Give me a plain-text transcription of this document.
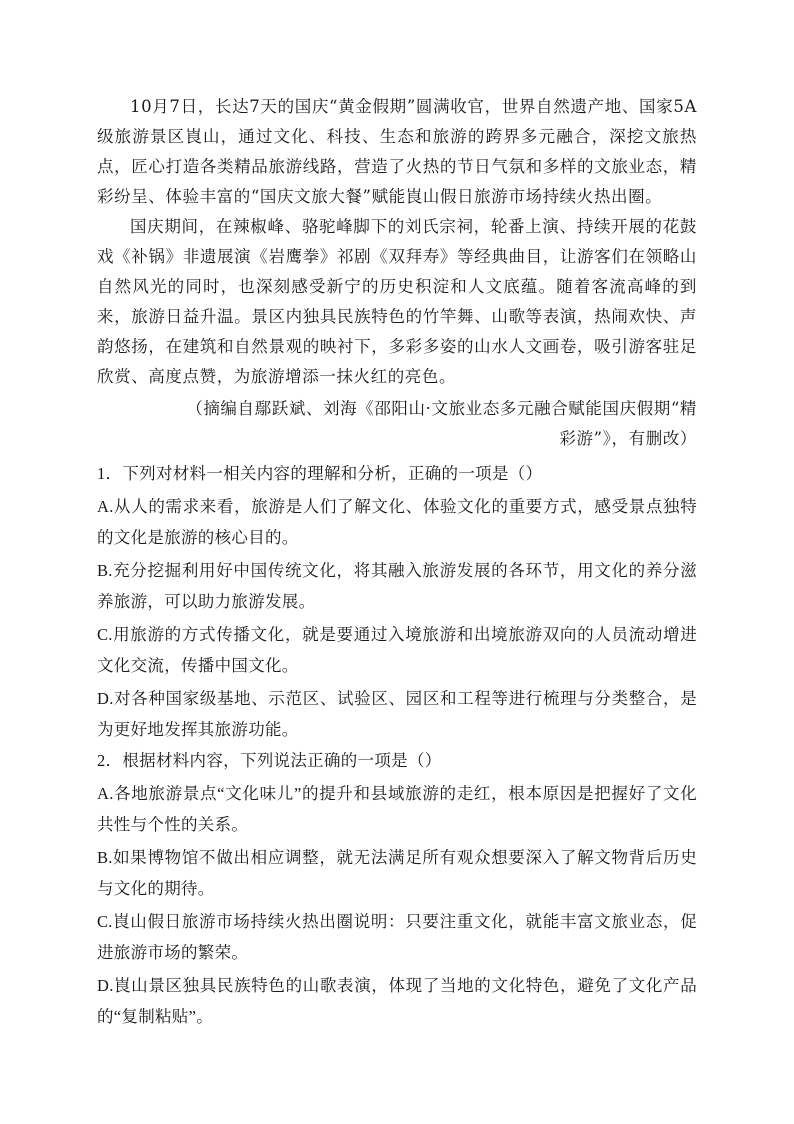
10月7日，长达7天的国庆“黄金假期”圆满收官，世界自然遗产地、国家5A级旅游景区崀山，通过文化、科技、生态和旅游的跨界多元融合，深挖文旅热点，匠心打造各类精品旅游线路，营造了火热的节日气氛和多样的文旅业态，精彩纷呈、体验丰富的“国庆文旅大餐”赋能崀山假日旅游市场持续火热出圈。

国庆期间，在辣椒峰、骆驼峰脚下的刘氏宗祠，轮番上演、持续开展的花鼓戏《补锅》非遗展演《岩鹰拳》祁剧《双拜寿》等经典曲目，让游客们在领略山自然风光的同时，也深刻感受新宁的历史积淀和人文底蕴。随着客流高峰的到来，旅游日益升温。景区内独具民族特色的竹竿舞、山歌等表演，热闹欢快、声韵悠扬，在建筑和自然景观的映衬下，多彩多姿的山水人文画卷，吸引游客驻足欣赏、高度点赞，为旅游增添一抹火红的亮色。

（摘编自鄢跃斌、刘海《邵阳山·文旅业态多元融合赋能国庆假期“精彩游”》，有删改）

1．下列对材料一相关内容的理解和分析，正确的一项是（）

A.从人的需求来看，旅游是人们了解文化、体验文化的重要方式，感受景点独特的文化是旅游的核心目的。

B.充分挖掘利用好中国传统文化，将其融入旅游发展的各环节，用文化的养分滋养旅游，可以助力旅游发展。

C.用旅游的方式传播文化，就是要通过入境旅游和出境旅游双向的人员流动增进文化交流，传播中国文化。

D.对各种国家级基地、示范区、试验区、园区和工程等进行梳理与分类整合，是为更好地发挥其旅游功能。

2．根据材料内容，下列说法正确的一项是（）

A.各地旅游景点“文化味儿”的提升和县域旅游的走红，根本原因是把握好了文化共性与个性的关系。

B.如果博物馆不做出相应调整，就无法满足所有观众想要深入了解文物背后历史与文化的期待。

C.崀山假日旅游市场持续火热出圈说明：只要注重文化，就能丰富文旅业态，促进旅游市场的繁荣。

D.崀山景区独具民族特色的山歌表演，体现了当地的文化特色，避免了文化产品的“复制粘贴”。
